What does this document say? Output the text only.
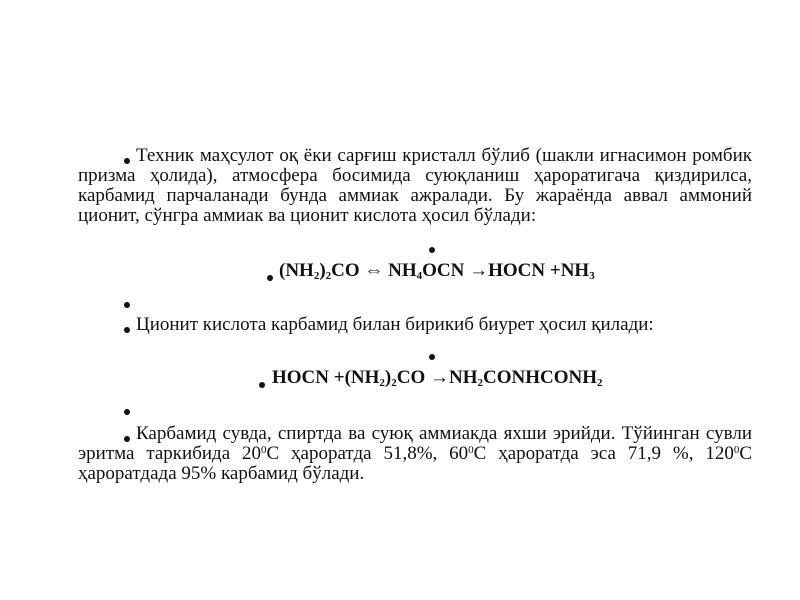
Техник маҳсулот оқ ёки сарғиш кристалл бўлиб (шакли игнасимон ромбик призма ҳолида), атмосфера босимида суюқланиш ҳароратигача қиздирилса, карбамид парчаланади бунда аммиак ажралади. Бу жараёнда аввал аммоний ционит, сўнгра аммиак ва ционит кислота ҳосил бўлади:

$(NH_2)_2CO$ ⇔ $NH_4OCN$ →HOCN $+NH_3$

Ционит кислота карбамид билан бирикиб биурет ҳосил қилади:

HOCN $+(NH_2)_2CO$ $\to NH_2CONHCONH_2$

Карбамид сувда, спиртда ва суюқ аммиакда яхши эрийди. Тўйинган сувли эритма таркибида $20^0С$ ҳароратда 51,8%, $60^0С$ ҳароратда эса 71,9 %, $120^0С$ ҳароратдада 95% карбамид бўлади.
